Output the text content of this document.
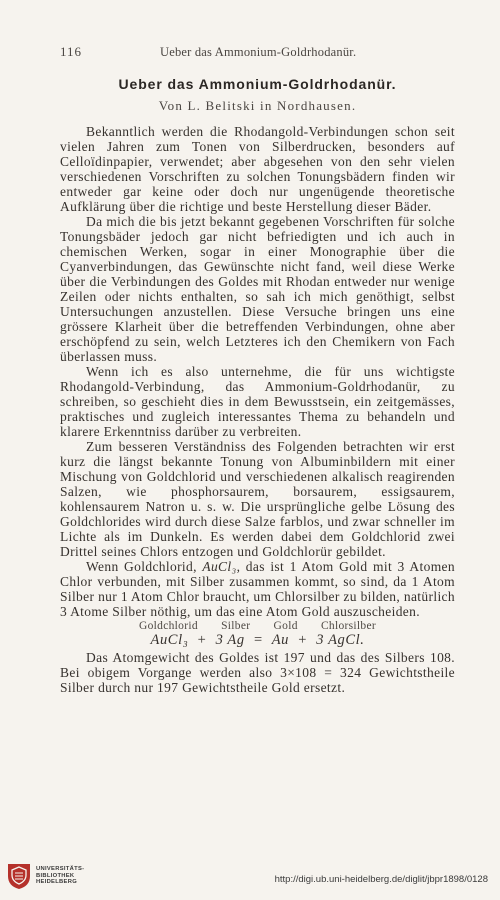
116	Ueber das Ammonium-Goldrhodanür.
Ueber das Ammonium-Goldrhodanür.
Von L. Belitski in Nordhausen.

Bekanntlich werden die Rhodangold-Verbindungen schon seit vielen Jahren zum Tonen von Silberdrucken, besonders auf Celloïdinpapier, verwendet; aber abgesehen von den sehr vielen verschiedenen Vorschriften zu solchen Tonungsbädern finden wir entweder gar keine oder doch nur ungenügende theoretische Aufklärung über die richtige und beste Herstellung dieser Bäder.

Da mich die bis jetzt bekannt gegebenen Vorschriften für solche Tonungsbäder jedoch gar nicht befriedigten und ich auch in chemischen Werken, sogar in einer Monographie über die Cyanverbindungen, das Gewünschte nicht fand, weil diese Werke über die Verbindungen des Goldes mit Rhodan entweder nur wenige Zeilen oder nichts enthalten, so sah ich mich genöthigt, selbst Untersuchungen anzustellen. Diese Versuche bringen uns eine grössere Klarheit über die betreffenden Verbindungen, ohne aber erschöpfend zu sein, welch Letzteres ich den Chemikern von Fach überlassen muss.

Wenn ich es also unternehme, die für uns wichtigste Rhodangold-Verbindung, das Ammonium-Goldrhodanür, zu schreiben, so geschieht dies in dem Bewusstsein, ein zeitgemässes, praktisches und zugleich interessantes Thema zu behandeln und klarere Erkenntniss darüber zu verbreiten.

Zum besseren Verständniss des Folgenden betrachten wir erst kurz die längst bekannte Tonung von Albuminbildern mit einer Mischung von Goldchlorid und verschiedenen alkalisch reagirenden Salzen, wie phosphorsaurem, borsaurem, essigsaurem, kohlensaurem Natron u. s. w. Die ursprüngliche gelbe Lösung des Goldchlorides wird durch diese Salze farblos, und zwar schneller im Lichte als im Dunkeln. Es werden dabei dem Goldchlorid zwei Drittel seines Chlors entzogen und Goldchlorür gebildet.

Wenn Goldchlorid, AuCl₃, das ist 1 Atom Gold mit 3 Atomen Chlor verbunden, mit Silber zusammen kommt, so sind, da 1 Atom Silber nur 1 Atom Chlor braucht, um Chlorsilber zu bilden, natürlich 3 Atome Silber nöthig, um das eine Atom Gold auszuscheiden.

Goldchlorid Silber Gold Chlorsilber
AuCl₃ + 3 Ag = Au + 3 AgCl.

Das Atomgewicht des Goldes ist 197 und das des Silbers 108. Bei obigem Vorgange werden also 3×108 = 324 Gewichtstheile Silber durch nur 197 Gewichtstheile Gold ersetzt.

UNIVERSITÄTS-
BIBLIOTHEK
HEIDELBERG	http://digi.ub.uni-heidelberg.de/diglit/jbpr1898/0128
